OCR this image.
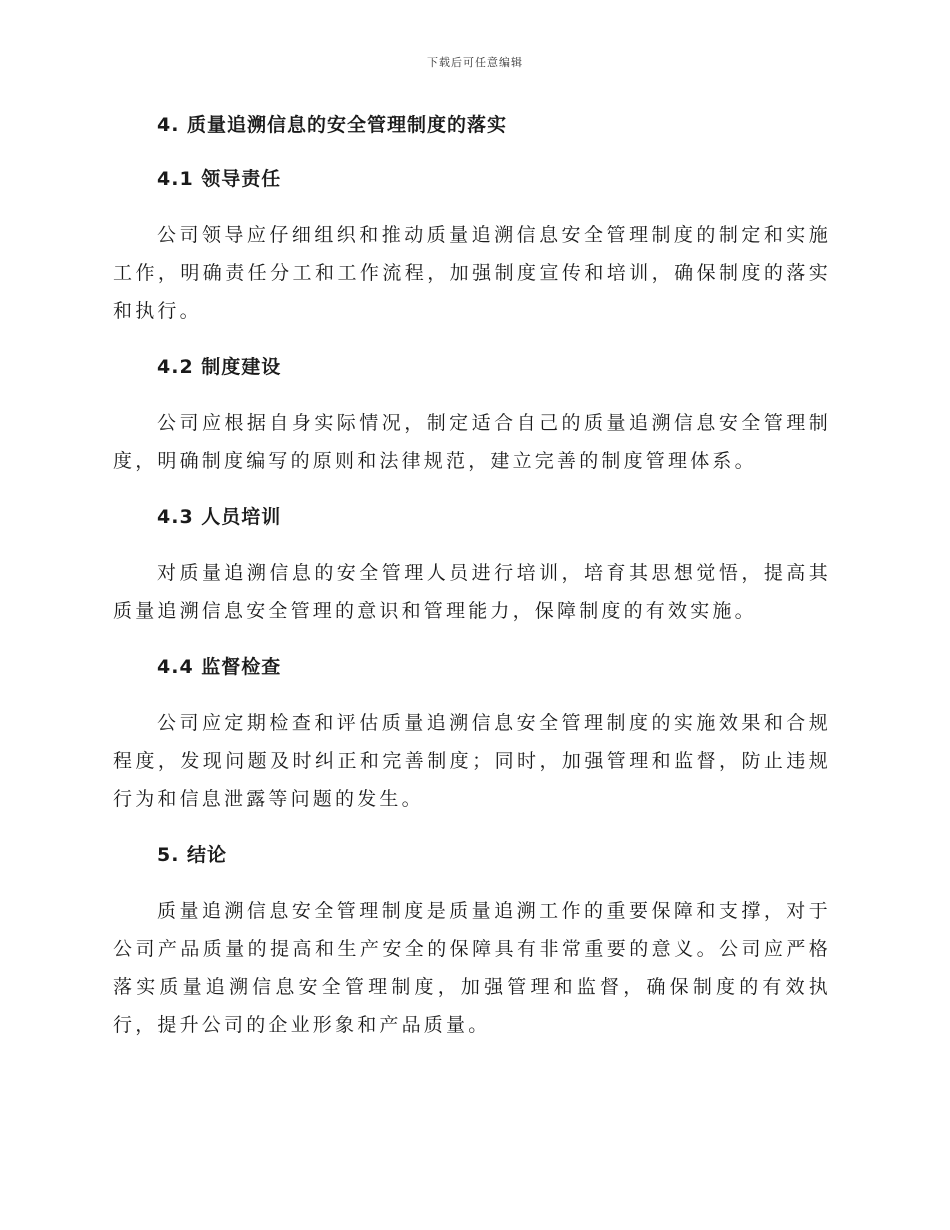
下载后可任意编辑
4. 质量追溯信息的安全管理制度的落实
4.1 领导责任

公司领导应仔细组织和推动质量追溯信息安全管理制度的制定和实施工作，明确责任分工和工作流程，加强制度宣传和培训，确保制度的落实和执行。

4.2 制度建设

公司应根据自身实际情况，制定适合自己的质量追溯信息安全管理制度，明确制度编写的原则和法律规范，建立完善的制度管理体系。

4.3 人员培训

对质量追溯信息的安全管理人员进行培训，培育其思想觉悟，提高其质量追溯信息安全管理的意识和管理能力，保障制度的有效实施。

4.4 监督检查

公司应定期检查和评估质量追溯信息安全管理制度的实施效果和合规程度，发现问题及时纠正和完善制度；同时，加强管理和监督，防止违规行为和信息泄露等问题的发生。

5. 结论

质量追溯信息安全管理制度是质量追溯工作的重要保障和支撑，对于公司产品质量的提高和生产安全的保障具有非常重要的意义。公司应严格落实质量追溯信息安全管理制度，加强管理和监督，确保制度的有效执行，提升公司的企业形象和产品质量。
